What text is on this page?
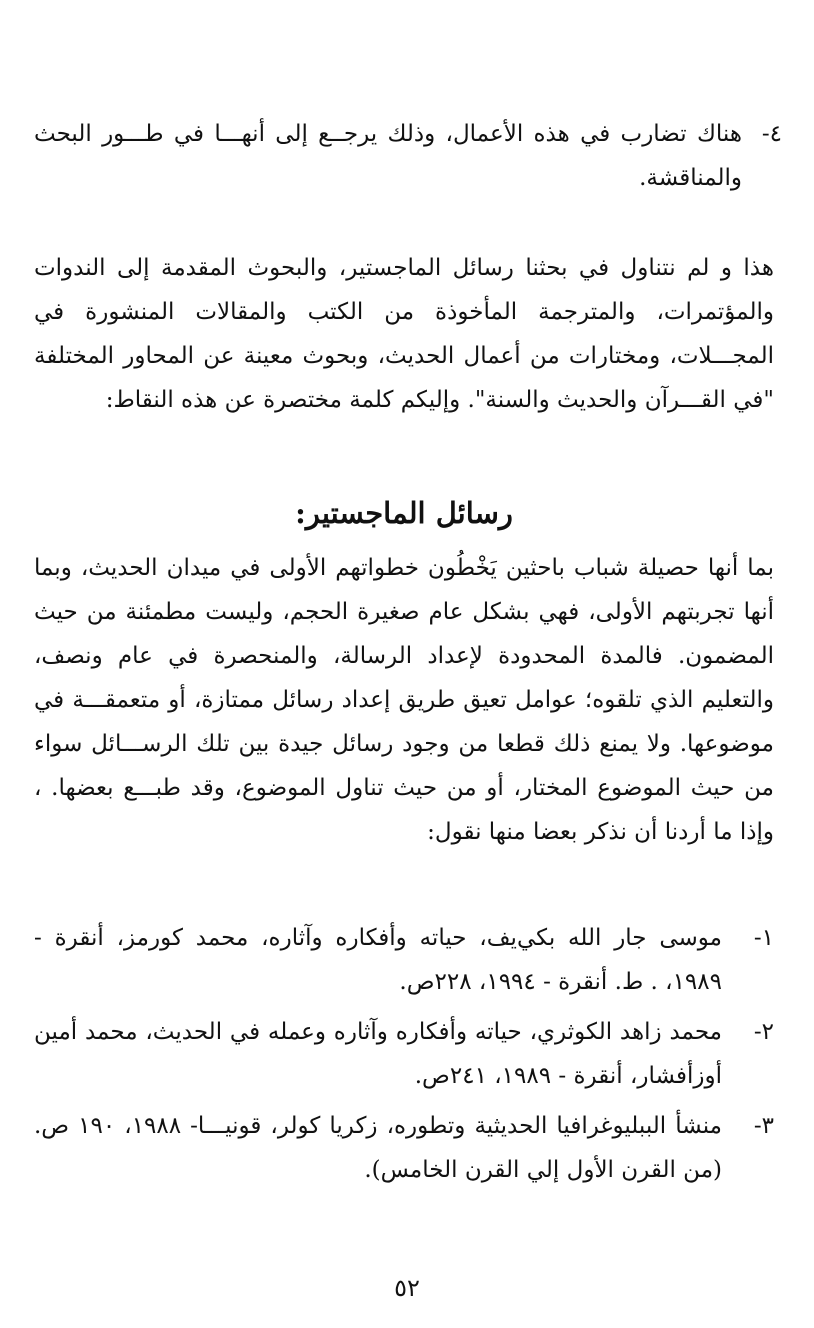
٤-
هناك تضارب في هذه الأعمال، وذلك يرجــع إلى أنهـــا في طـــور البحث والمناقشة.

هذا و لم نتناول في بحثنا رسائل الماجستير، والبحوث المقدمة إلى الندوات والمؤتمرات، والمترجمة المأخوذة من الكتب والمقالات المنشورة في المجـــلات، ومختارات من أعمال الحديث، وبحوث معينة عن المحاور المختلفة "في القـــرآن والحديث والسنة". وإليكم كلمة مختصرة عن هذه النقاط:

رسائل الماجستير:

بما أنها حصيلة شباب باحثين يَخْطُون خطواتهم الأولى في ميدان الحديث، وبما أنها تجربتهم الأولى، فهي بشكل عام صغيرة الحجم، وليست مطمئنة من حيث المضمون. فالمدة المحدودة لإعداد الرسالة، والمنحصرة في عام ونصف، والتعليم الذي تلقوه؛ عوامل تعيق طريق إعداد رسائل ممتازة، أو متعمقـــة في موضوعها. ولا يمنع ذلك قطعا من وجود رسائل جيدة بين تلك الرســـائل سواء من حيث الموضوع المختار، أو من حيث تناول الموضوع، وقد طبـــع بعضها. ، وإذا ما أردنا أن نذكر بعضا منها نقول:

١-
موسى جار الله بكي‌يف، حياته وأفكاره وآثاره، محمد كورمز، أنقرة - ١٩٨٩، . ط. أنقرة - ١٩٩٤، ٢٢٨ص.
٢-
محمد زاهد الكوثري، حياته وأفكاره وآثاره وعمله في الحديث، محمد أمين أوزأفشار، أنقرة - ١٩٨٩، ٢٤١ص.
٣-
منشأ الببليوغرافيا الحديثية وتطوره، زكريا كولر، قونيـــا- ١٩٨٨، ١٩٠ ص. (من القرن الأول إلي القرن الخامس).
٥٢
